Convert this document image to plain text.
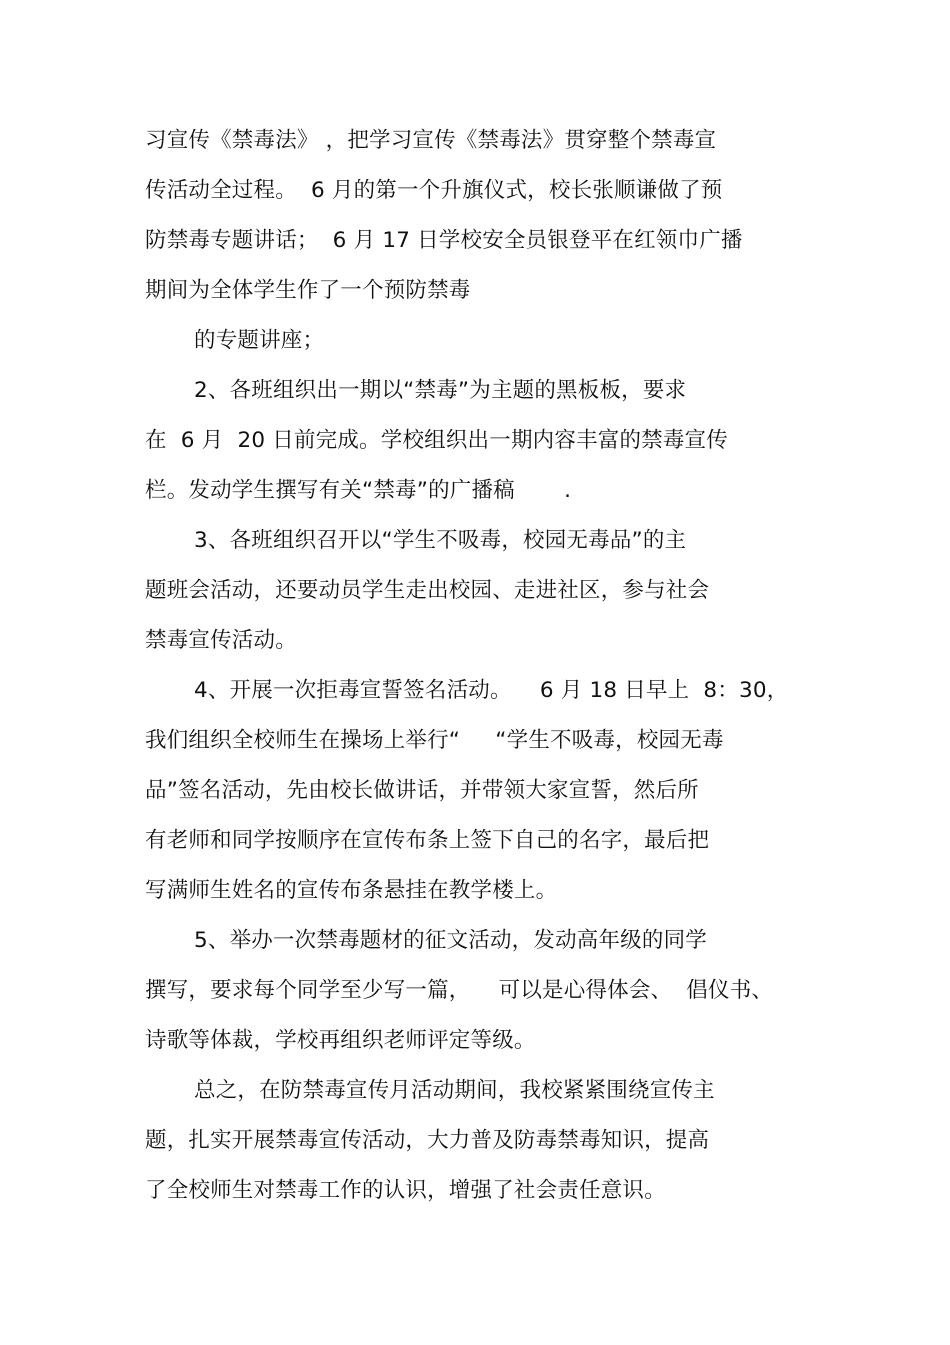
习宣传《禁毒法》 ，把学习宣传《禁毒法》贯穿整个禁毒宣
传活动全过程。  6 月的第一个升旗仪式，校长张顺谦做了预
防禁毒专题讲话；  6 月 17 日学校安全员银登平在红领巾广播
期间为全体学生作了一个预防禁毒
的专题讲座；
2、各班组织出一期以“禁毒”为主题的黑板板，要求
在  6 月  20 日前完成。学校组织出一期内容丰富的禁毒宣传
栏。发动学生撰写有关“禁毒”的广播稿       .
3、各班组织召开以“学生不吸毒，校园无毒品”的主
题班会活动，还要动员学生走出校园、走进社区，参与社会
禁毒宣传活动。
4、开展一次拒毒宣誓签名活动。    6 月 18 日早上  8：30，
我们组织全校师生在操场上举行“     “学生不吸毒，校园无毒
品”签名活动，先由校长做讲话，并带领大家宣誓，然后所
有老师和同学按顺序在宣传布条上签下自己的名字，最后把
写满师生姓名的宣传布条悬挂在教学楼上。
5、举办一次禁毒题材的征文活动，发动高年级的同学
撰写，要求每个同学至少写一篇，    可以是心得体会、  倡仪书、
诗歌等体裁，学校再组织老师评定等级。
总之，在防禁毒宣传月活动期间，我校紧紧围绕宣传主
题，扎实开展禁毒宣传活动，大力普及防毒禁毒知识，提高
了全校师生对禁毒工作的认识，增强了社会责任意识。
